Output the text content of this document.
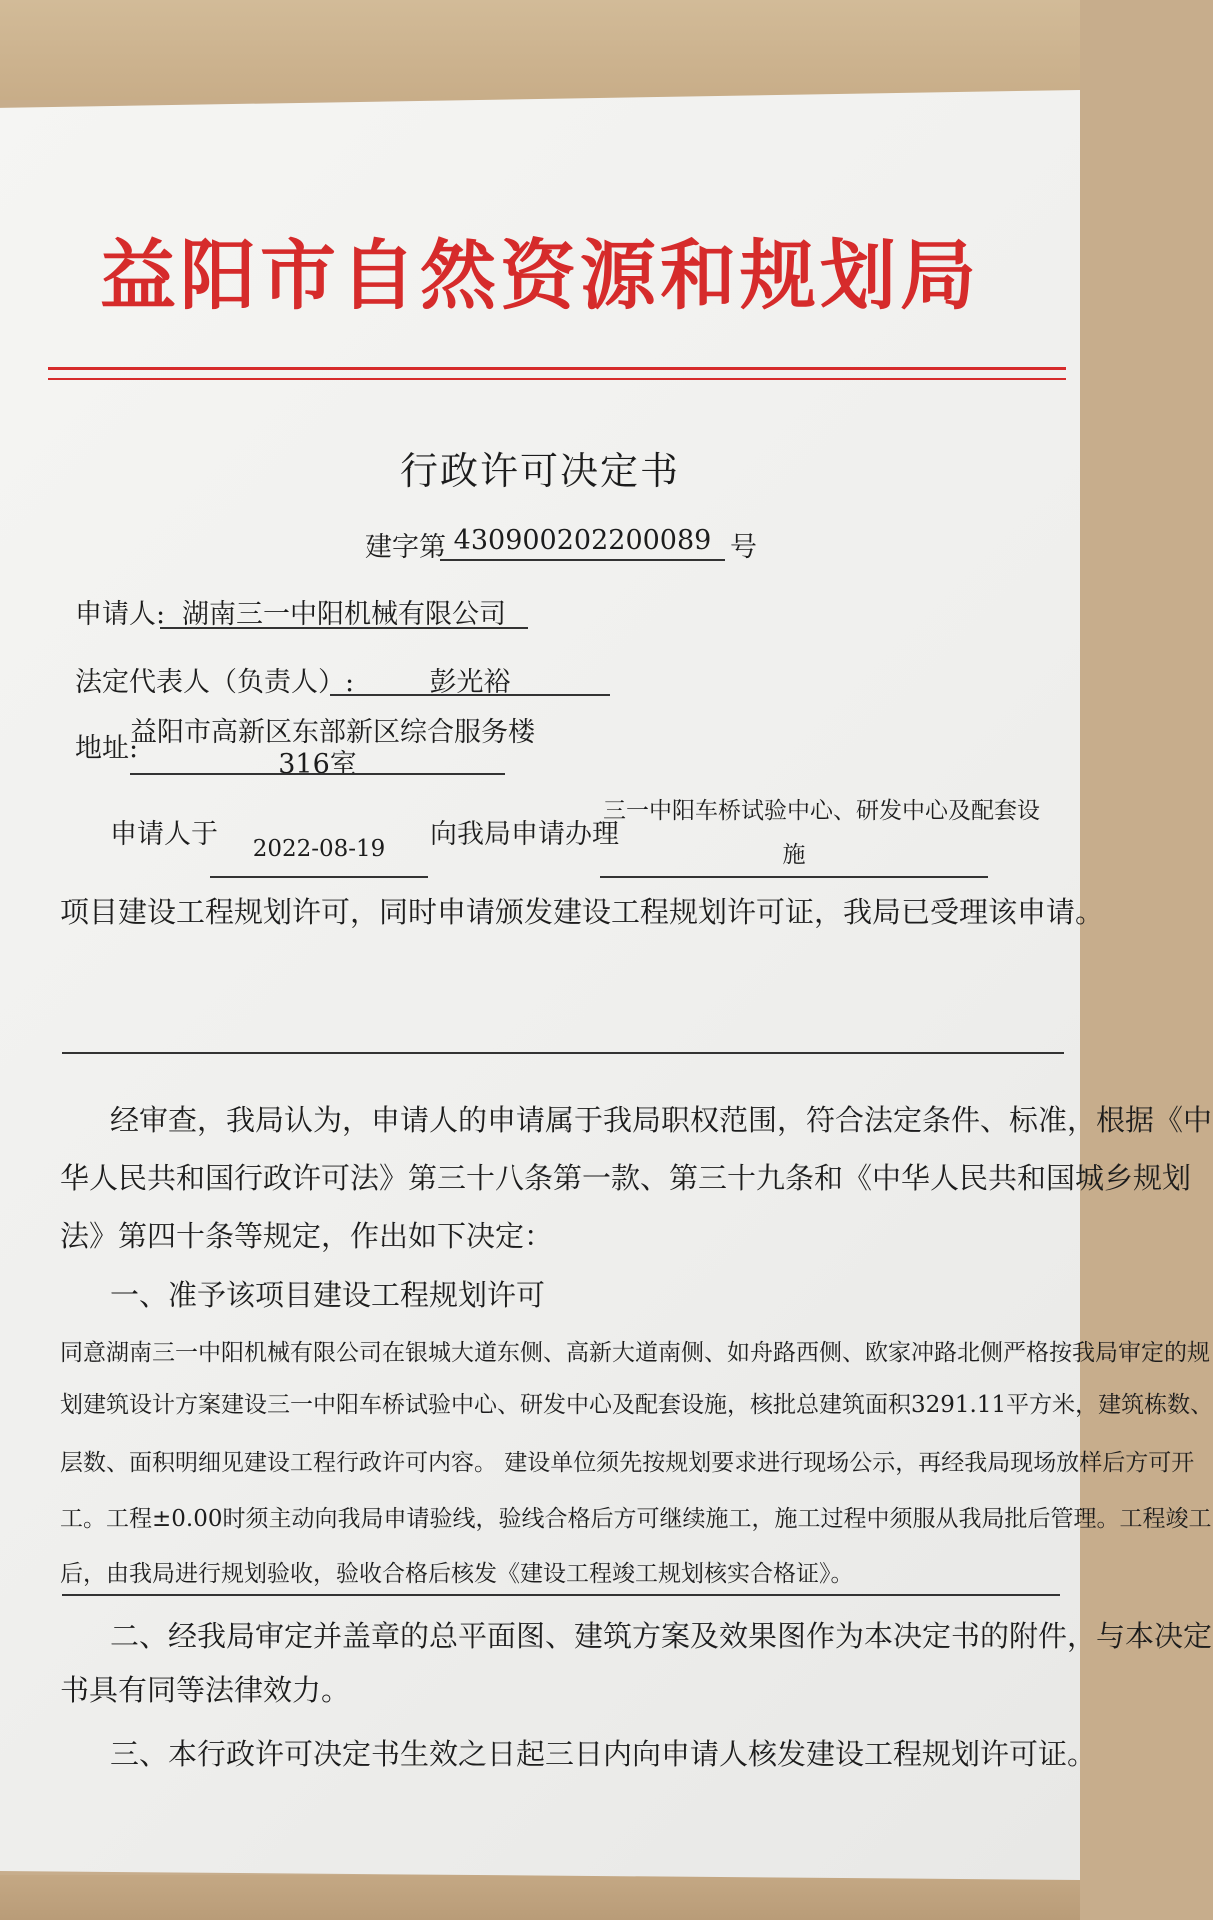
益阳市自然资源和规划局
行政许可决定书
建字第 430900202200089 号
申请人: 湖南三一中阳机械有限公司
法定代表人（负责人）:	彭光裕
地址:
益阳市高新区东部新区综合服务楼
316室
申请人于	2022-08-19	向我局申请办理
三一中阳车桥试验中心、研发中心及配套设
施
项目建设工程规划许可，同时申请颁发建设工程规划许可证，我局已受理该申请。
经审查，我局认为，申请人的申请属于我局职权范围，符合法定条件、标准，根据《中
华人民共和国行政许可法》第三十八条第一款、第三十九条和《中华人民共和国城乡规划
法》第四十条等规定，作出如下决定：
一、准予该项目建设工程规划许可
同意湖南三一中阳机械有限公司在银城大道东侧、高新大道南侧、如舟路西侧、欧家冲路北侧严格按我局审定的规
划建筑设计方案建设三一中阳车桥试验中心、研发中心及配套设施，核批总建筑面积3291.11平方米，建筑栋数、
层数、面积明细见建设工程行政许可内容。 建设单位须先按规划要求进行现场公示，再经我局现场放样后方可开
工。工程±0.00时须主动向我局申请验线，验线合格后方可继续施工，施工过程中须服从我局批后管理。工程竣工
后，由我局进行规划验收，验收合格后核发《建设工程竣工规划核实合格证》。
二、经我局审定并盖章的总平面图、建筑方案及效果图作为本决定书的附件，与本决定
书具有同等法律效力。
三、本行政许可决定书生效之日起三日内向申请人核发建设工程规划许可证。
